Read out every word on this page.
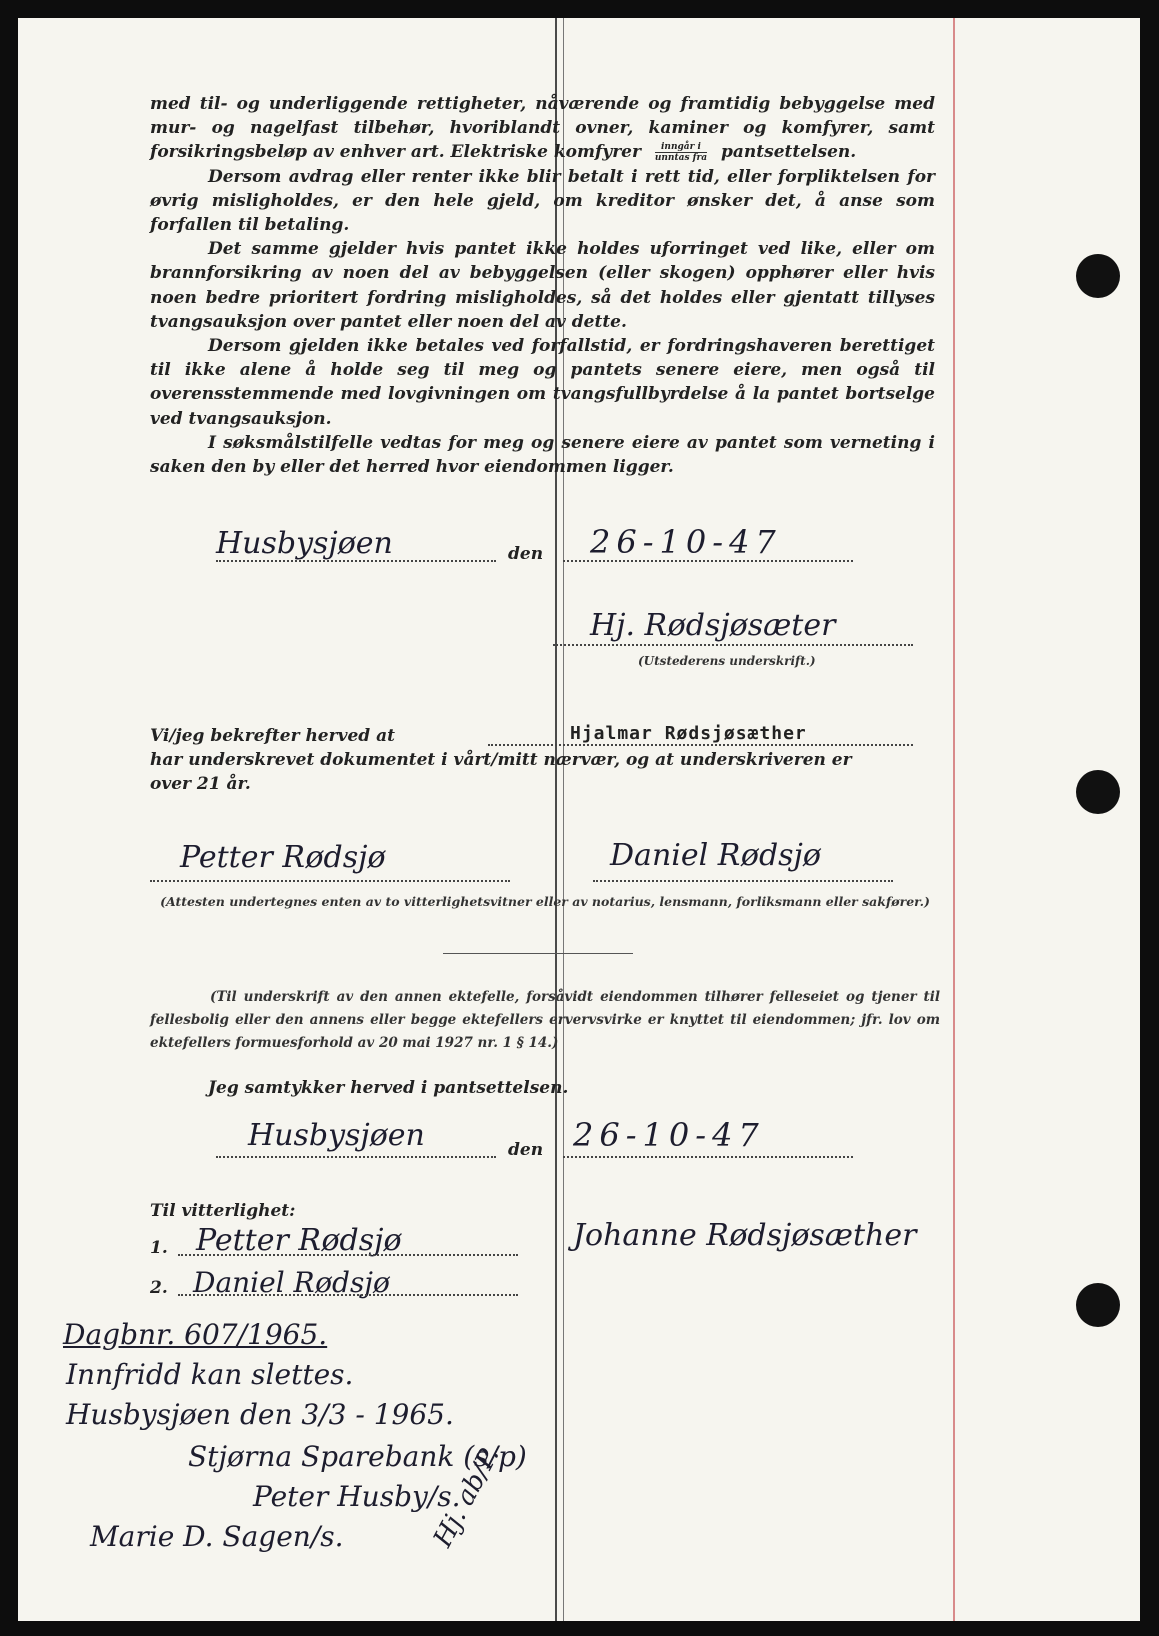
med til- og underliggende rettigheter, nåværende og framtidig bebyggelse med mur- og nagelfast tilbehør, hvoriblandt ovner, kaminer og komfyrer, samt forsikringsbeløp av enhver art. Elektriske komfyrer $\frac{\text{inngår i}}{\text{unntas fra}}$ pantsettelsen.

Dersom avdrag eller renter ikke blir betalt i rett tid, eller forpliktelsen for øvrig misligholdes, er den hele gjeld, om kreditor ønsker det, å anse som forfallen til betaling.

Det samme gjelder hvis pantet ikke holdes uforringet ved like, eller om brannforsikring av noen del av bebyggelsen (eller skogen) opphører eller hvis noen bedre prioritert fordring misligholdes, så det holdes eller gjentatt tillyses tvangsauksjon over pantet eller noen del av dette.

Dersom gjelden ikke betales ved forfallstid, er fordringshaveren berettiget til ikke alene å holde seg til meg og pantets senere eiere, men også til overensstemmende med lovgivningen om tvangsfullbyrdelse å la pantet bortselge ved tvangsauksjon.

I søksmålstilfelle vedtas for meg og senere eiere av pantet som verneting i saken den by eller det herred hvor eiendommen ligger.

Husbysjøen	den 26-10-47
Hj. Rødsjøsæter
(Utstederens underskrift.)
Vi/jeg bekrefter herved at	Hjalmar Rødsjøsæther
har underskrevet dokumentet i vårt/mitt nærvær, og at underskriveren er
over 21 år.
Petter Rødsjø	Daniel Rødsjø
(Attesten undertegnes enten av to vitterlighetsvitner eller av notarius, lensmann, forliksmann eller sakfører.)
(Til underskrift av den annen ektefelle, forsåvidt eiendommen tilhører felleseiet og tjener til fellesbolig eller den annens eller begge ektefellers ervervsvirke er knyttet til eiendommen; jfr. lov om ektefellers formuesforhold av 20 mai 1927 nr. 1 § 14.)
Jeg samtykker herved i pantsettelsen.
Husbysjøen	den 26-10-47
Til vitterlighet:
1. Petter Rødsjø
2. Daniel Rødsjø
Johanne Rødsjøsæther
Dagbnr. 607/1965.
Innfridd kan slettes.
Husbysjøen den 3/3 - 1965.
Stjørna Sparebank (s/p)
Peter Husby/s.
Marie D. Sagen/s.	Hj. ab/P.
